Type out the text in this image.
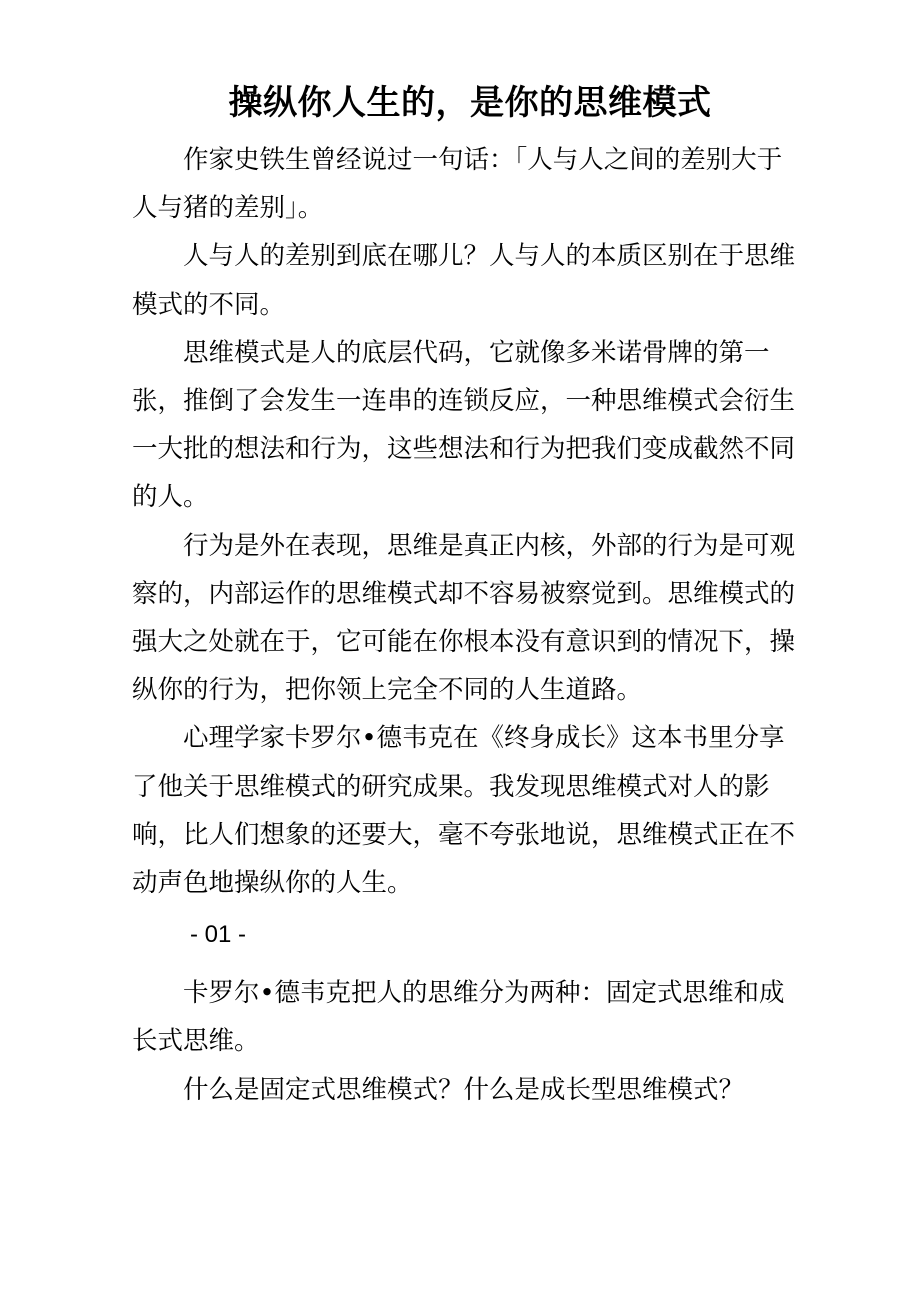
操纵你人生的，是你的思维模式

作家史铁生曾经说过一句话：「人与人之间的差别大于人与猪的差别」。

人与人的差别到底在哪儿？人与人的本质区别在于思维模式的不同。

思维模式是人的底层代码，它就像多米诺骨牌的第一张，推倒了会发生一连串的连锁反应，一种思维模式会衍生一大批的想法和行为，这些想法和行为把我们变成截然不同的人。

行为是外在表现，思维是真正内核，外部的行为是可观察的，内部运作的思维模式却不容易被察觉到。思维模式的强大之处就在于，它可能在你根本没有意识到的情况下，操纵你的行为，把你领上完全不同的人生道路。

心理学家卡罗尔•德韦克在《终身成长》这本书里分享了他关于思维模式的研究成果。我发现思维模式对人的影响，比人们想象的还要大，毫不夸张地说，思维模式正在不动声色地操纵你的人生。

- 01 -

卡罗尔•德韦克把人的思维分为两种：固定式思维和成长式思维。

什么是固定式思维模式？什么是成长型思维模式？
